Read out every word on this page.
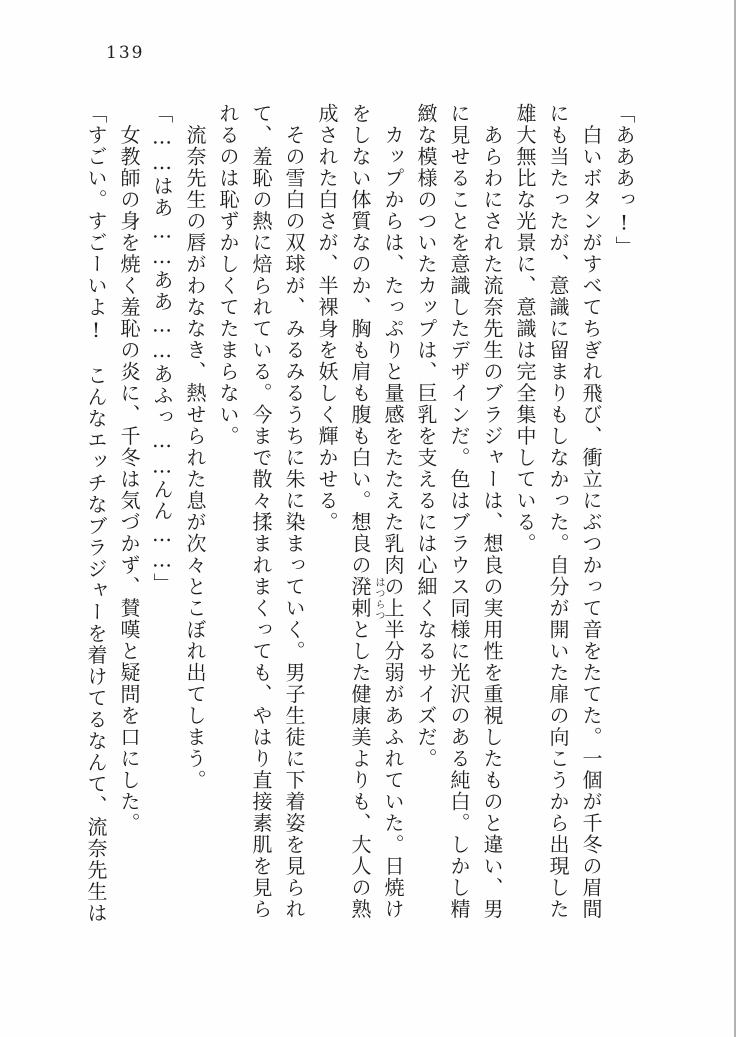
139
「あああっ!」
　白いボタンがすべてちぎれ飛び、衝立にぶつかって音をたてた。一個が千冬の眉間
にも当たったが、意識に留まりもしなかった。自分が開いた扉の向こうから出現した
雄大無比な光景に、意識は完全集中している。
　あらわにされた流奈先生のブラジャーは、想良の実用性を重視したものと違い、男
に見せることを意識したデザインだ。色はブラウス同様に光沢のある純白。しかし精
緻な模様のついたカップは、巨乳を支えるには心細くなるサイズだ。
　カップからは、たっぷりと量感をたたえた乳肉の上半分弱があふれていた。日焼け
をしない体質なのか、胸も肩も腹も白い。想良の溌剌とした健康美よりも、大人の熟
成された白さが、半裸身を妖しく輝かせる。
　その雪白の双球が、みるみるうちに朱に染まっていく。男子生徒に下着姿を見られ
て、羞恥の熱に焙られている。今まで散々揉まれまくっても、やはり直接素肌を見ら
れるのは恥ずかしくてたまらない。
　流奈先生の唇がわななき、熱せられた息が次々とこぼれ出てしまう。
「……はあ……ああ……あふっ……んん……」
　女教師の身を焼く羞恥の炎に、千冬は気づかず、賛嘆と疑問を口にした。
「すごい。すごーいよ!　こんなエッチなブラジャーを着けてるなんて、流奈先生は	はつらつ
